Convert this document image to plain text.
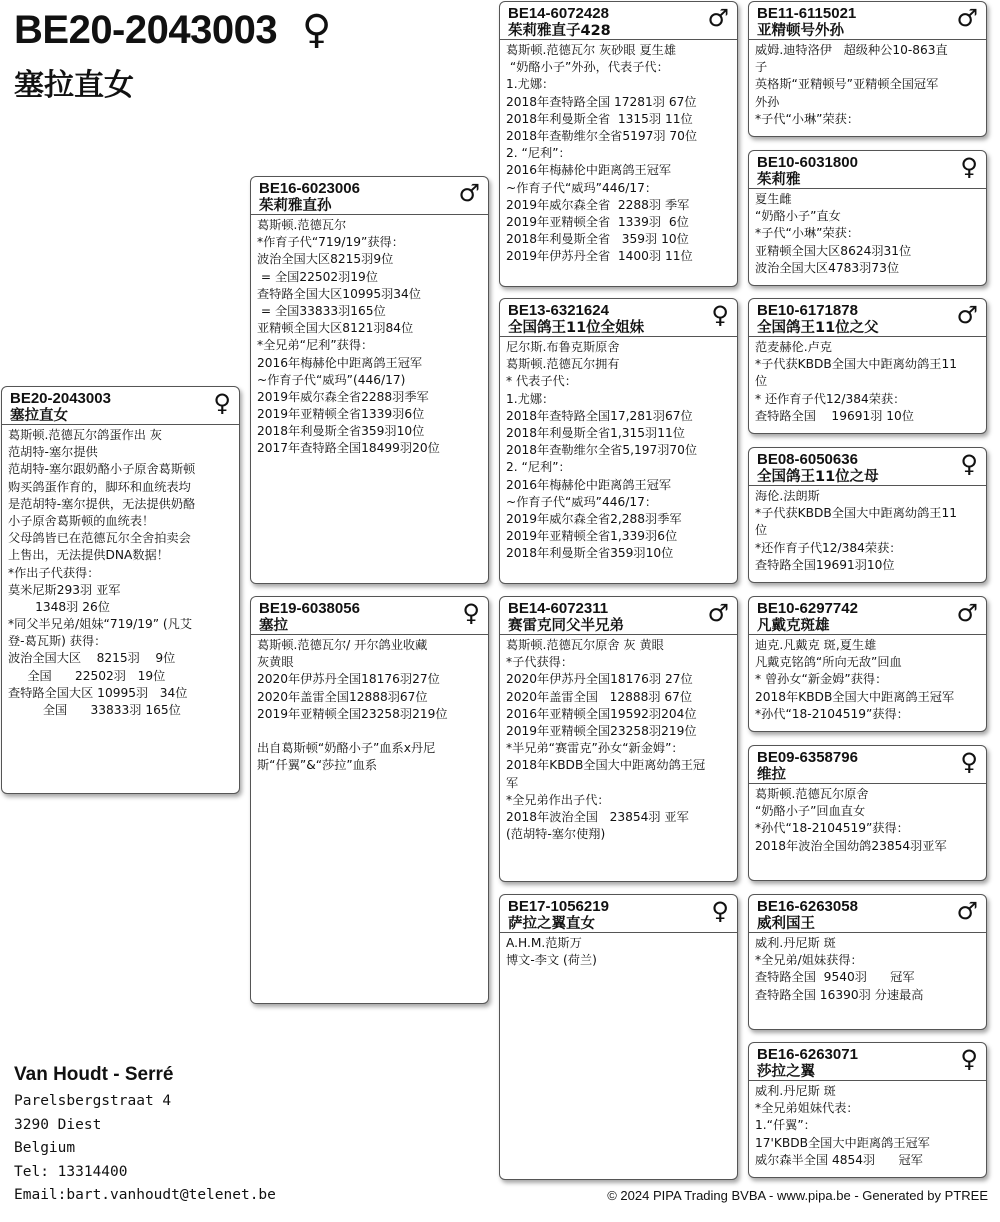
BE20-2043003 ♀
塞拉直女
BE20-2043003
塞拉直女	♀
葛斯顿.范德瓦尔鸽蛋作出 灰
范胡特-塞尔提供
范胡特-塞尔跟奶酪小子原舍葛斯顿
购买鸽蛋作育的，脚环和血统表均
是范胡特-塞尔提供，无法提供奶酪
小子原舍葛斯顿的血统表！
父母鸽皆已在范德瓦尔全舍拍卖会
上售出，无法提供DNA数据！
*作出子代获得：
莫米尼斯293羽 亚军
1348羽 26位
*同父半兄弟/姐妹“719/19” (凡艾
登-葛瓦斯) 获得：
波治全国大区    8215羽    9位
全国      22502羽   19位
查特路全国大区 10995羽   34位
全国      33833羽 165位
BE16-6023006
茱莉雅直孙	♂
葛斯顿.范德瓦尔
*作育子代“719/19”获得：
波治全国大区8215羽9位
= 全国22502羽19位
查特路全国大区10995羽34位
= 全国33833羽165位
亚精顿全国大区8121羽84位
*全兄弟“尼利”获得：
2016年梅赫伦中距离鸽王冠军
~作育子代“威玛”(446/17)
2019年威尔森全省2288羽季军
2019年亚精顿全省1339羽6位
2018年利曼斯全省359羽10位
2017年查特路全国18499羽20位
BE19-6038056
塞拉	♀
葛斯顿.范德瓦尔/ 开尔鸽业收藏
灰黄眼
2020年伊苏丹全国18176羽27位
2020年盖雷全国12888羽67位
2019年亚精顿全国23258羽219位
出自葛斯顿“奶酪小子”血系x丹尼
斯“仟翼”&“莎拉”血系
BE14-6072428
茱莉雅直子428	♂
葛斯顿.范德瓦尔 灰砂眼 夏生雄
“奶酪小子”外孙，代表子代：
1.尤娜：
2018年查特路全国 17281羽 67位
2018年利曼斯全省  1315羽 11位
2018年查勒维尔全省5197羽 70位
2. “尼利”：
2016年梅赫伦中距离鸽王冠军
~作育子代“威玛”446/17：
2019年威尔森全省  2288羽 季军
2019年亚精顿全省  1339羽  6位
2018年利曼斯全省   359羽 10位
2019年伊苏丹全省  1400羽 11位
BE13-6321624
全国鸽王11位全姐妹	♀
尼尔斯.布鲁克斯原舍
葛斯顿.范德瓦尔拥有
* 代表子代：
1.尤娜：
2018年查特路全国17,281羽67位
2018年利曼斯全省1,315羽11位
2018年查勒维尔全省5,197羽70位
2. “尼利”：
2016年梅赫伦中距离鸽王冠军
~作育子代“威玛”446/17：
2019年威尔森全省2,288羽季军
2019年亚精顿全省1,339羽6位
2018年利曼斯全省359羽10位
BE14-6072311
赛雷克同父半兄弟	♂
葛斯顿.范德瓦尔原舍 灰 黄眼
*子代获得：
2020年伊苏丹全国18176羽 27位
2020年盖雷全国   12888羽 67位
2016年亚精顿全国19592羽204位
2019年亚精顿全国23258羽219位
*半兄弟“赛雷克”孙女“新金姆”：
2018年KBDB全国大中距离幼鸽王冠
军
*全兄弟作出子代：
2018年波治全国   23854羽 亚军
(范胡特-塞尔使翔)
BE17-1056219
萨拉之翼直女	♀
A.H.M.范斯万
博文-李文 (荷兰)
BE11-6115021
亚精顿号外孙	♂
威姆.迪特洛伊   超级种公10-863直
子
英格斯“亚精顿号”亚精顿全国冠军
外孙
*子代“小琳”荣获：
BE10-6031800
茱莉雅	♀
夏生雌
“奶酪小子”直女
*子代“小琳”荣获：
亚精顿全国大区8624羽31位
波治全国大区4783羽73位
BE10-6171878
全国鸽王11位之父	♂
范麦赫伦.卢克
*子代获KBDB全国大中距离幼鸽王11
位
* 还作育子代12/384荣获：
查特路全国    19691羽 10位
BE08-6050636
全国鸽王11位之母	♀
海伦.法朗斯
*子代获KBDB全国大中距离幼鸽王11
位
*还作育子代12/384荣获：
查特路全国19691羽10位
BE10-6297742
凡戴克斑雄	♂
迪克.凡戴克 斑,夏生雄
凡戴克铭鸽“所向无敌”回血
* 曾孙女“新金姆”获得：
2018年KBDB全国大中距离鸽王冠军
*孙代“18-2104519”获得：
BE09-6358796
维拉	♀
葛斯顿.范德瓦尔原舍
“奶酪小子”回血直女
*孙代“18-2104519”获得：
2018年波治全国幼鸽23854羽亚军
BE16-6263058
威利国王	♂
威利.丹尼斯 斑
*全兄弟/姐妹获得：
查特路全国  9540羽      冠军
查特路全国 16390羽 分速最高
BE16-6263071
莎拉之翼	♀
威利.丹尼斯 斑
*全兄弟姐妹代表：
1.“仟翼”：
17'KBDB全国大中距离鸽王冠军
威尔森半全国 4854羽      冠军
Van Houdt - Serré
Parelsbergstraat 4
3290 Diest
Belgium
Tel: 13314400
Email:bart.vanhoudt@telenet.be	© 2024 PIPA Trading BVBA - www.pipa.be - Generated by PTREE
